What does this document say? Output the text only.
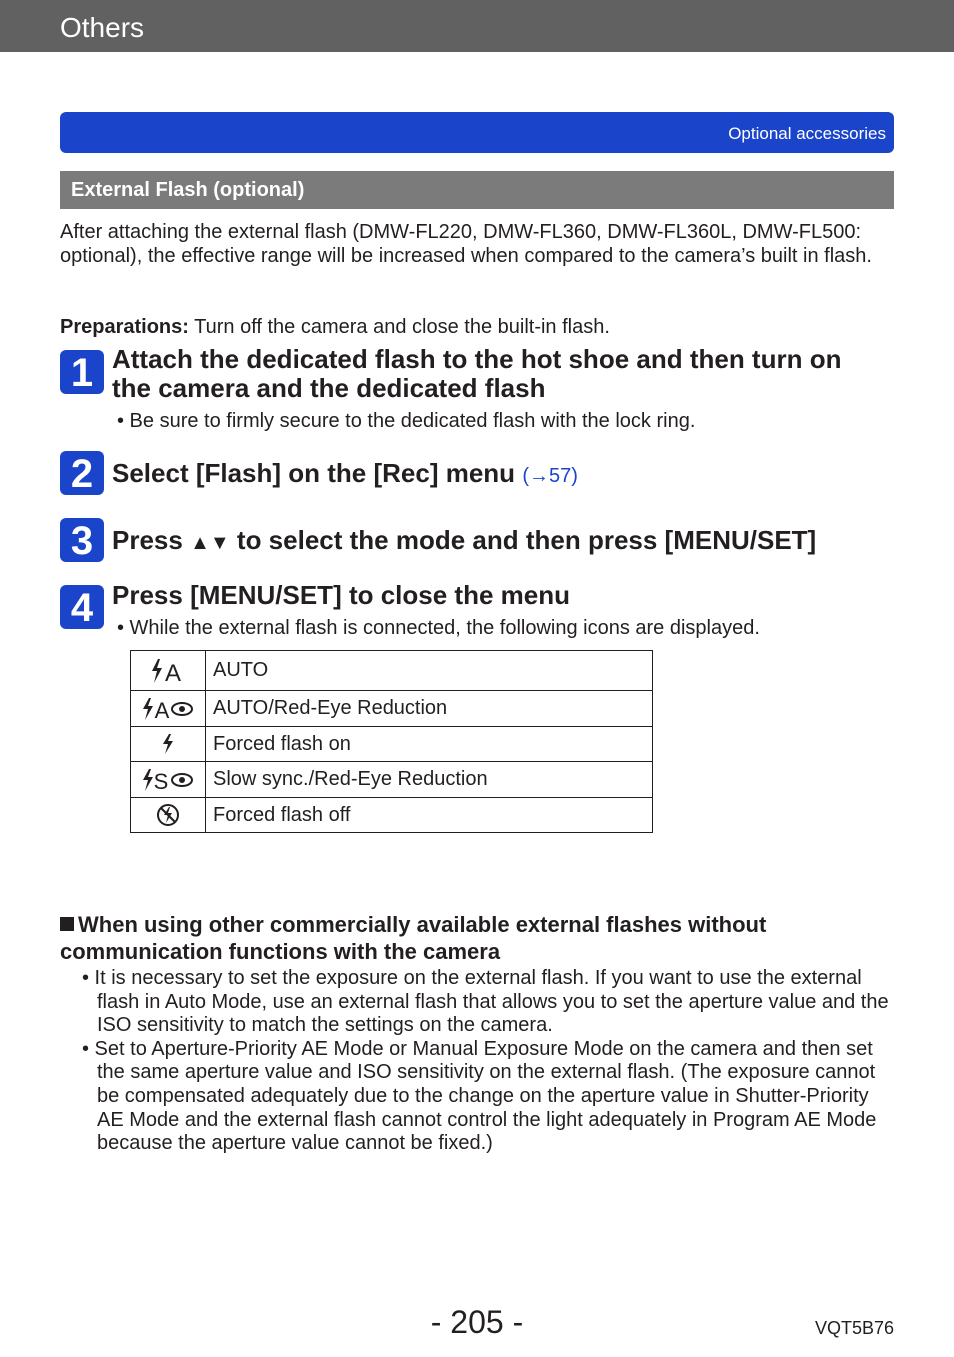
Others
Optional accessories
External Flash (optional)

After attaching the external flash (DMW-FL220, DMW-FL360, DMW-FL360L, DMW-FL500: optional), the effective range will be increased when compared to the camera’s built in flash.

Preparations: Turn off the camera and close the built-in flash.
1 Attach the dedicated flash to the hot shoe and then turn on the camera and the dedicated flash
• Be sure to firmly secure to the dedicated flash with the lock ring.
2 Select [Flash] on the [Rec] menu (→57)
3 Press ▲▼ to select the mode and then press [MENU/SET]
4 Press [MENU/SET] to close the menu
• While the external flash is connected, the following icons are displayed.
A	AUTO

A	AUTO/Red-Eye Reduction

	Forced flash on

S	Slow sync./Red-Eye Reduction

	Forced flash off
When using other commercially available external flashes without communication functions with the camera

• It is necessary to set the exposure on the external flash. If you want to use the external flash in Auto Mode, use an external flash that allows you to set the aperture value and the ISO sensitivity to match the settings on the camera.

• Set to Aperture-Priority AE Mode or Manual Exposure Mode on the camera and then set the same aperture value and ISO sensitivity on the external flash. (The exposure cannot be compensated adequately due to the change on the aperture value in Shutter-Priority AE Mode and the external flash cannot control the light adequately in Program AE Mode because the aperture value cannot be fixed.)

- 205 -	VQT5B76
